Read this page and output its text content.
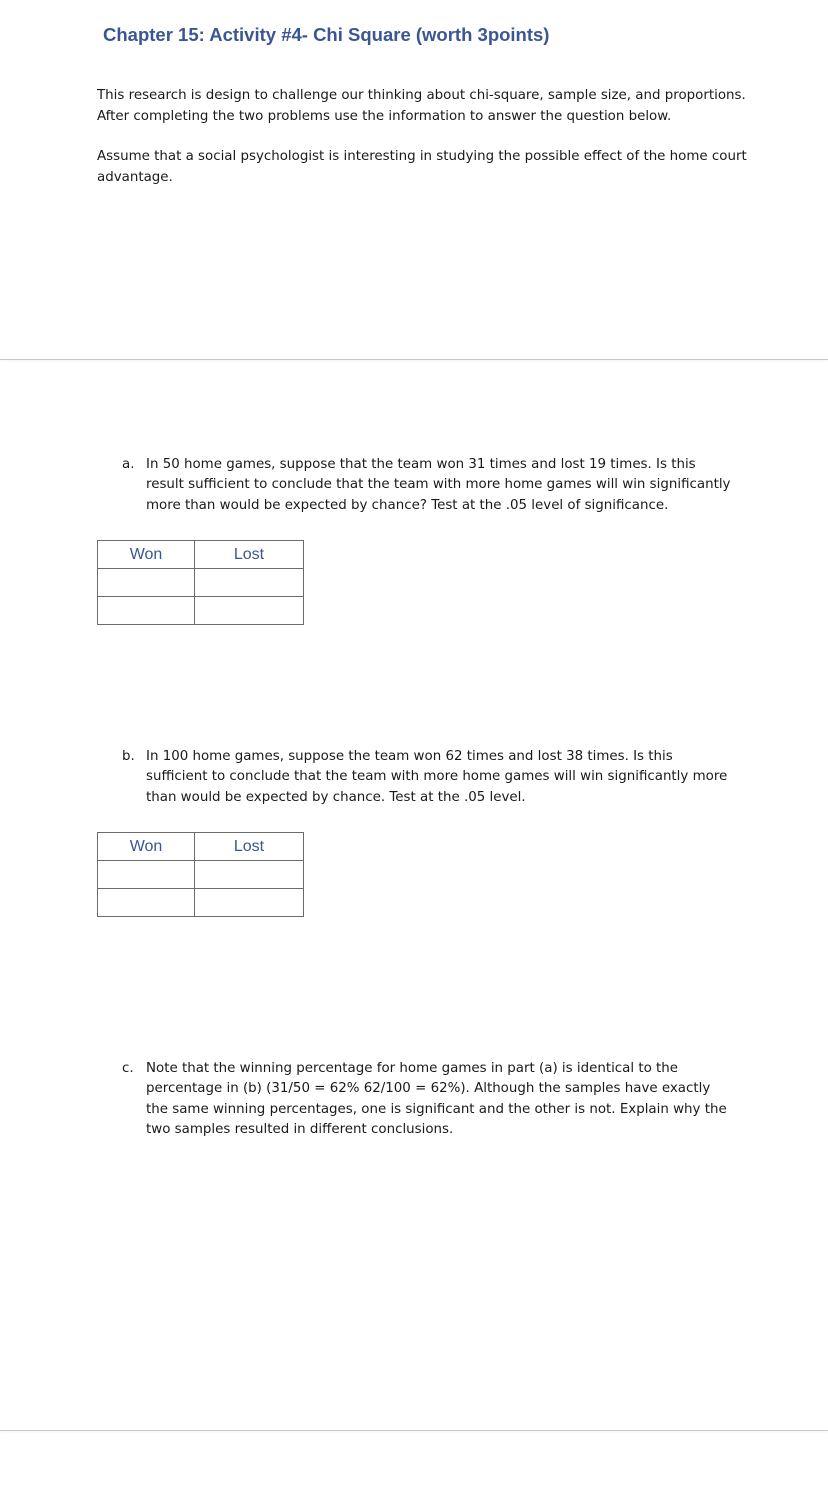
Chapter 15: Activity #4- Chi Square (worth 3points)

This research is design to challenge our thinking about chi-square, sample size, and proportions. After completing the two problems use the information to answer the question below.

Assume that a social psychologist is interesting in studying the possible effect of the home court advantage.

a. In 50 home games, suppose that the team won 31 times and lost 19 times. Is this result sufficient to conclude that the team with more home games will win significantly more than would be expected by chance? Test at the .05 level of significance.
Won	Lost

b. In 100 home games, suppose the team won 62 times and lost 38 times. Is this sufficient to conclude that the team with more home games will win significantly more than would be expected by chance. Test at the .05 level.
Won	Lost

c. Note that the winning percentage for home games in part (a) is identical to the percentage in (b) (31/50 = 62% 62/100 = 62%). Although the samples have exactly the same winning percentages, one is significant and the other is not. Explain why the two samples resulted in different conclusions.
